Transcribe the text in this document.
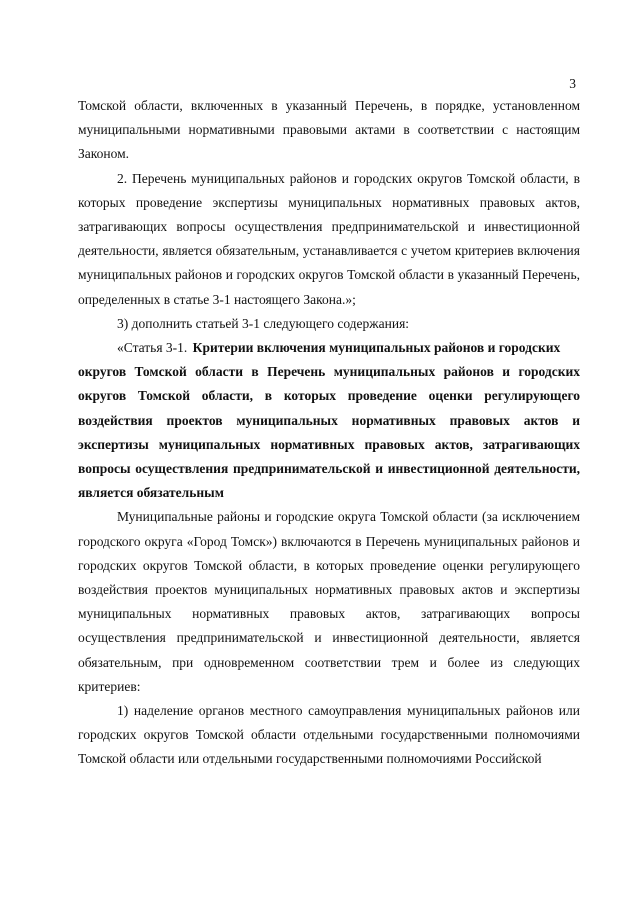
3

Томской области, включенных в указанный Перечень, в порядке, установленном муниципальными нормативными правовыми актами в соответствии с настоящим Законом.

2. Перечень муниципальных районов и городских округов Томской области, в которых проведение экспертизы муниципальных нормативных правовых актов, затрагивающих вопросы осуществления предпринимательской и инвестиционной деятельности, является обязательным, устанавливается с учетом критериев включения муниципальных районов и городских округов Томской области в указанный Перечень, определенных в статье 3-1 настоящего Закона.»;

3) дополнить статьей 3-1 следующего содержания:

«Статья 3-1. Критерии включения муниципальных районов и городских

округов Томской области в Перечень муниципальных районов и городских округов Томской области, в которых проведение оценки регулирующего воздействия проектов муниципальных нормативных правовых актов и экспертизы муниципальных нормативных правовых актов, затрагивающих вопросы осуществления предпринимательской и инвестиционной деятельности, является обязательным

Муниципальные районы и городские округа Томской области (за исключением городского округа «Город Томск») включаются в Перечень муниципальных районов и городских округов Томской области, в которых проведение оценки регулирующего воздействия проектов муниципальных нормативных правовых актов и экспертизы муниципальных нормативных правовых актов, затрагивающих вопросы осуществления предпринимательской и инвестиционной деятельности, является обязательным, при одновременном соответствии трем и более из следующих критериев:

1) наделение органов местного самоуправления муниципальных районов или городских округов Томской области отдельными государственными полномочиями Томской области или отдельными государственными полномочиями Российской
